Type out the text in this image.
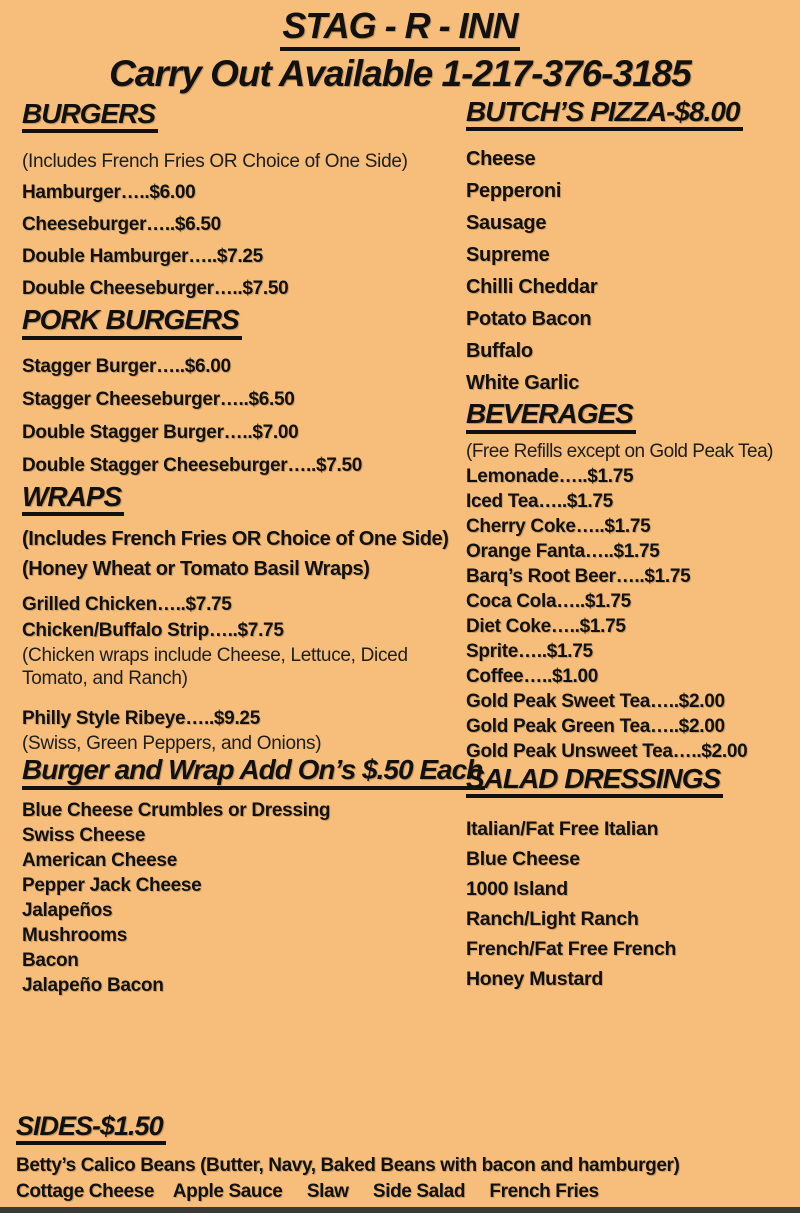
STAG - R - INN
Carry Out Available 1-217-376-3185
BURGERS
(Includes French Fries OR Choice of One Side)
Hamburger…..$6.00
Cheeseburger…..$6.50
Double Hamburger…..$7.25
Double Cheeseburger…..$7.50
PORK BURGERS
Stagger Burger…..$6.00
Stagger Cheeseburger…..$6.50
Double Stagger Burger…..$7.00
Double Stagger Cheeseburger…..$7.50
WRAPS
(Includes French Fries OR Choice of One Side)
(Honey Wheat or Tomato Basil Wraps)
Grilled Chicken…..$7.75
Chicken/Buffalo Strip…..$7.75
(Chicken wraps include Cheese, Lettuce, Diced
Tomato, and Ranch)
Philly Style Ribeye…..$9.25
(Swiss, Green Peppers, and Onions)
Burger and Wrap Add On’s $.50 Each
Blue Cheese Crumbles or Dressing
Swiss Cheese
American Cheese
Pepper Jack Cheese
Jalapeños
Mushrooms
Bacon
Jalapeño Bacon
BUTCH’S PIZZA-$8.00
Cheese
Pepperoni
Sausage
Supreme
Chilli Cheddar
Potato Bacon
Buffalo
White Garlic
BEVERAGES
(Free Refills except on Gold Peak Tea)
Lemonade…..$1.75
Iced Tea…..$1.75
Cherry Coke…..$1.75
Orange Fanta…..$1.75
Barq’s Root Beer…..$1.75
Coca Cola…..$1.75
Diet Coke…..$1.75
Sprite…..$1.75
Coffee…..$1.00
Gold Peak Sweet Tea…..$2.00
Gold Peak Green Tea…..$2.00
Gold Peak Unsweet Tea…..$2.00
SALAD DRESSINGS
Italian/Fat Free Italian
Blue Cheese
1000 Island
Ranch/Light Ranch
French/Fat Free French
Honey Mustard
SIDES-$1.50
Betty’s Calico Beans (Butter, Navy, Baked Beans with bacon and hamburger)
Cottage Cheese    Apple Sauce     Slaw     Side Salad     French Fries
